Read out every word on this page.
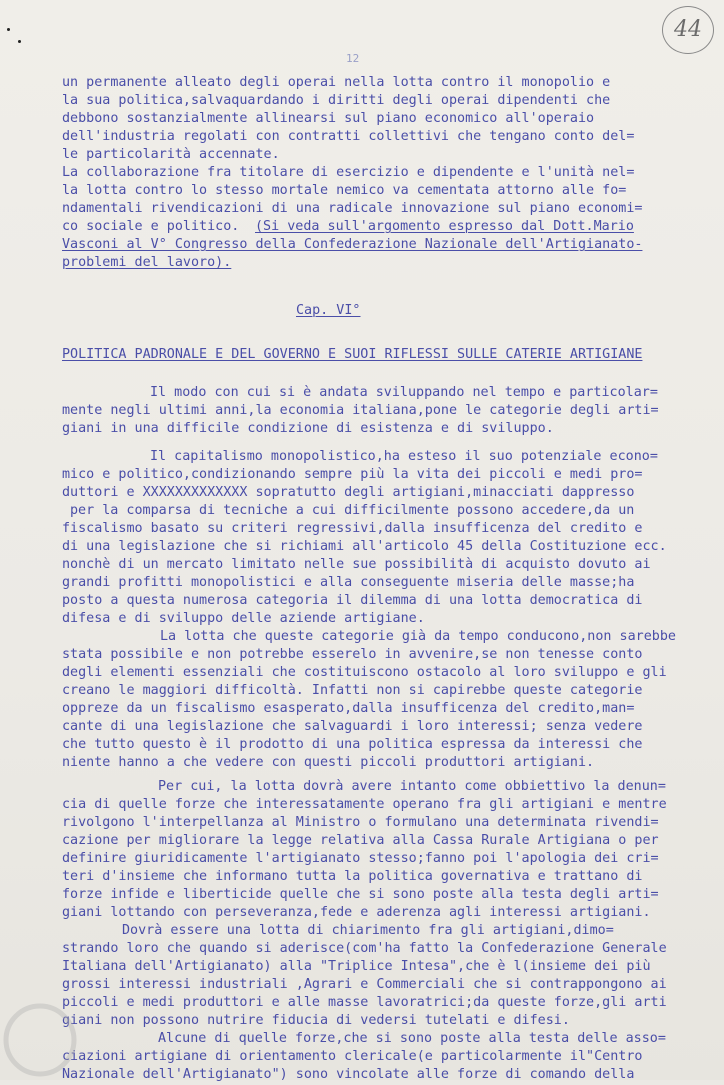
44
12
un permanente alleato degli operai nella lotta contro il monopolio e
la sua politica,salvaquardando i diritti degli operai dipendenti che
debbono sostanzialmente allinearsi sul piano economico all'operaio
dell'industria regolati con contratti collettivi che tengano conto del=
le particolarità accennate.
La collaborazione fra titolare di esercizio e dipendente e l'unità nel=
la lotta contro lo stesso mortale nemico va cementata attorno alle fo=
ndamentali rivendicazioni di una radicale innovazione sul piano economi=
co sociale e politico. (Si veda sull'argomento espresso dal Dott.Mario
Vasconi al V° Congresso della Confederazione Nazionale dell'Artigianato-
problemi del lavoro).
Cap. VI°
POLITICA PADRONALE E DEL GOVERNO E SUOI RIFLESSI SULLE CATERIE ARTIGIANE
Il modo con cui si è andata sviluppando nel tempo e particolar=
mente negli ultimi anni,la economia italiana,pone le categorie degli arti=
giani in una difficile condizione di esistenza e di sviluppo.
Il capitalismo monopolistico,ha esteso il suo potenziale econo=
mico e politico,condizionando sempre più la vita dei piccoli e medi pro=
duttori e XXXXXXXXXXXXX sopratutto degli artigiani,minacciati dappresso
per la comparsa di tecniche a cui difficilmente possono accedere,da un
fiscalismo basato su criteri regressivi,dalla insufficenza del credito e
di una legislazione che si richiami all'articolo 45 della Costituzione ecc.
nonchè di un mercato limitato nelle sue possibilità di acquisto dovuto ai
grandi profitti monopolistici e alla conseguente miseria delle masse;ha
posto a questa numerosa categoria il dilemma di una lotta democratica di
difesa e di sviluppo delle aziende artigiane.
La lotta che queste categorie già da tempo conducono,non sarebbe
stata possibile e non potrebbe esserelo in avvenire,se non tenesse conto
degli elementi essenziali che costituiscono ostacolo al loro sviluppo e gli
creano le maggiori difficoltà. Infatti non si capirebbe queste categorie
oppreze da un fiscalismo esasperato,dalla insufficenza del credito,man=
cante di una legislazione che salvaguardi i loro interessi; senza vedere
che tutto questo è il prodotto di una politica espressa da interessi che
niente hanno a che vedere con questi piccoli produttori artigiani.
Per cui, la lotta dovrà avere intanto come obbiettivo la denun=
cia di quelle forze che interessatamente operano fra gli artigiani e mentre
rivolgono l'interpellanza al Ministro o formulano una determinata rivendi=
cazione per migliorare la legge relativa alla Cassa Rurale Artigiana o per
definire giuridicamente l'artigianato stesso;fanno poi l'apologia dei cri=
teri d'insieme che informano tutta la politica governativa e trattano di
forze infide e liberticide quelle che si sono poste alla testa degli arti=
giani lottando con perseveranza,fede e aderenza agli interessi artigiani.
Dovrà essere una lotta di chiarimento fra gli artigiani,dimo=
strando loro che quando si aderisce(com'ha fatto la Confederazione Generale
Italiana dell'Artigianato) alla "Triplice Intesa",che è l(insieme dei più
grossi interessi industriali ,Agrari e Commerciali che si contrappongono ai
piccoli e medi produttori e alle masse lavoratrici;da queste forze,gli arti
giani non possono nutrire fiducia di vedersi tutelati e difesi.
Alcune di quelle forze,che si sono poste alla testa delle asso=
ciazioni artigiane di orientamento clericale(e particolarmente il"Centro
Nazionale dell'Artigianato") sono vincolate alle forze di comando della
